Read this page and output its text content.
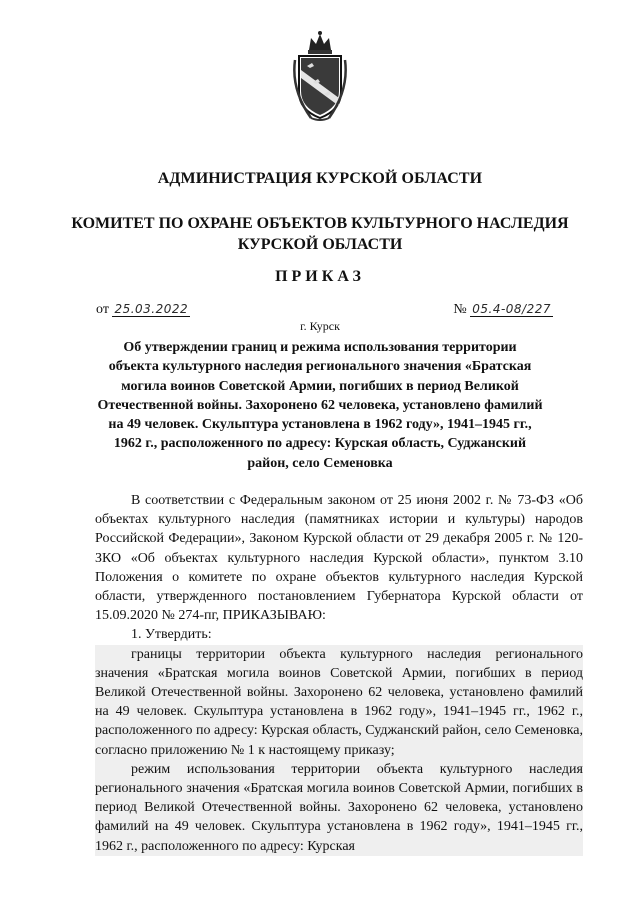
АДМИНИСТРАЦИЯ КУРСКОЙ ОБЛАСТИ
КОМИТЕТ ПО ОХРАНЕ ОБЪЕКТОВ КУЛЬТУРНОГО НАСЛЕДИЯ
КУРСКОЙ ОБЛАСТИ
ПРИКАЗ
от 25.03.2022	№ 05.4-08/227
г. Курск
Об утверждении границ и режима использования территории
объекта культурного наследия регионального значения «Братская
могила воинов Советской Армии, погибших в период Великой
Отечественной войны. Захоронено 62 человека, установлено фамилий
на 49 человек. Скульптура установлена в 1962 году», 1941–1945 гг.,
1962 г., расположенного по адресу: Курская область, Суджанский
район, село Семеновка

В соответствии с Федеральным законом от 25 июня 2002 г. № 73-ФЗ «Об объектах культурного наследия (памятниках истории и культуры) народов Российской Федерации», Законом Курской области от 29 декабря 2005 г. № 120-ЗКО «Об объектах культурного наследия Курской области», пунктом 3.10 Положения о комитете по охране объектов культурного наследия Курской области, утвержденного постановлением Губернатора Курской области от 15.09.2020 № 274-пг, ПРИКАЗЫВАЮ:

1. Утвердить:

границы территории объекта культурного наследия регионального значения «Братская могила воинов Советской Армии, погибших в период Великой Отечественной войны. Захоронено 62 человека, установлено фамилий на 49 человек. Скульптура установлена в 1962 году», 1941–1945 гг., 1962 г., расположенного по адресу: Курская область, Суджанский район, село Семеновка, согласно приложению № 1 к настоящему приказу;

режим использования территории объекта культурного наследия регионального значения «Братская могила воинов Советской Армии, погибших в период Великой Отечественной войны. Захоронено 62 человека, установлено фамилий на 49 человек. Скульптура установлена в 1962 году», 1941–1945 гг., 1962 г., расположенного по адресу: Курская
